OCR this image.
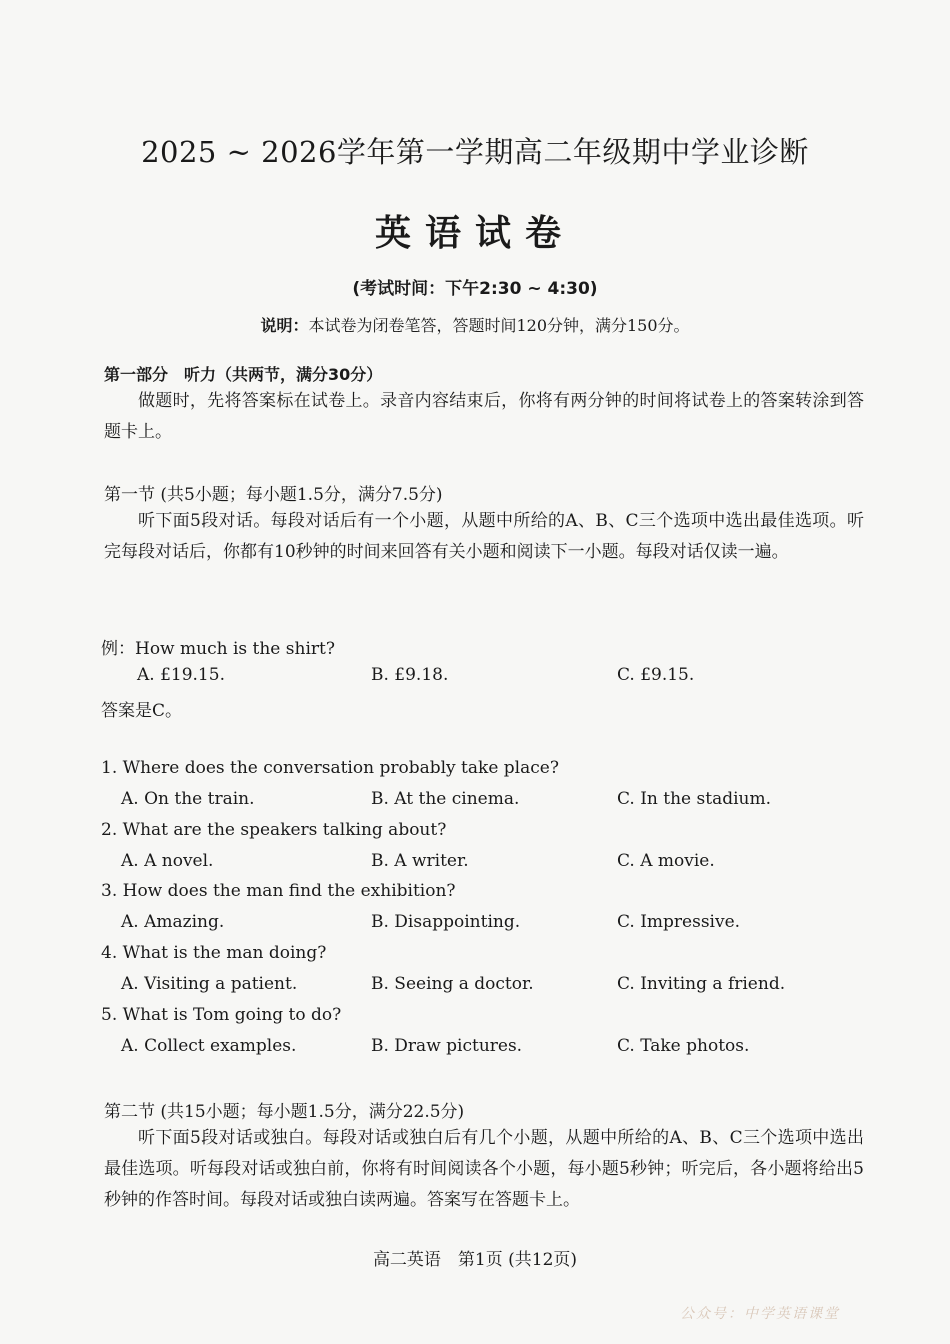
2025 ~ 2026学年第一学期高二年级期中学业诊断
英语试卷
(考试时间：下午2:30 ~ 4:30)
说明：本试卷为闭卷笔答，答题时间120分钟，满分150分。
第一部分　听力（共两节，满分30分）
做题时，先将答案标在试卷上。录音内容结束后，你将有两分钟的时间将试卷上的答案转涂到答题卡上。
第一节 (共5小题；每小题1.5分，满分7.5分)
听下面5段对话。每段对话后有一个小题，从题中所给的A、B、C三个选项中选出最佳选项。听完每段对话后，你都有10秒钟的时间来回答有关小题和阅读下一小题。每段对话仅读一遍。
例：How much is the shirt?
A. £19.15.	B. £9.18.	C. £9.15.
答案是C。
1. Where does the conversation probably take place?
A. On the train.	B. At the cinema.	C. In the stadium.
2. What are the speakers talking about?
A. A novel.	B. A writer.	C. A movie.
3. How does the man find the exhibition?
A. Amazing.	B. Disappointing.	C. Impressive.
4. What is the man doing?
A. Visiting a patient.	B. Seeing a doctor.	C. Inviting a friend.
5. What is Tom going to do?
A. Collect examples.	B. Draw pictures.	C. Take photos.
第二节 (共15小题；每小题1.5分，满分22.5分)
听下面5段对话或独白。每段对话或独白后有几个小题，从题中所给的A、B、C三个选项中选出最佳选项。听每段对话或独白前，你将有时间阅读各个小题，每小题5秒钟；听完后，各小题将给出5秒钟的作答时间。每段对话或独白读两遍。答案写在答题卡上。
高二英语　第1页 (共12页)
公众号：中学英语课堂
